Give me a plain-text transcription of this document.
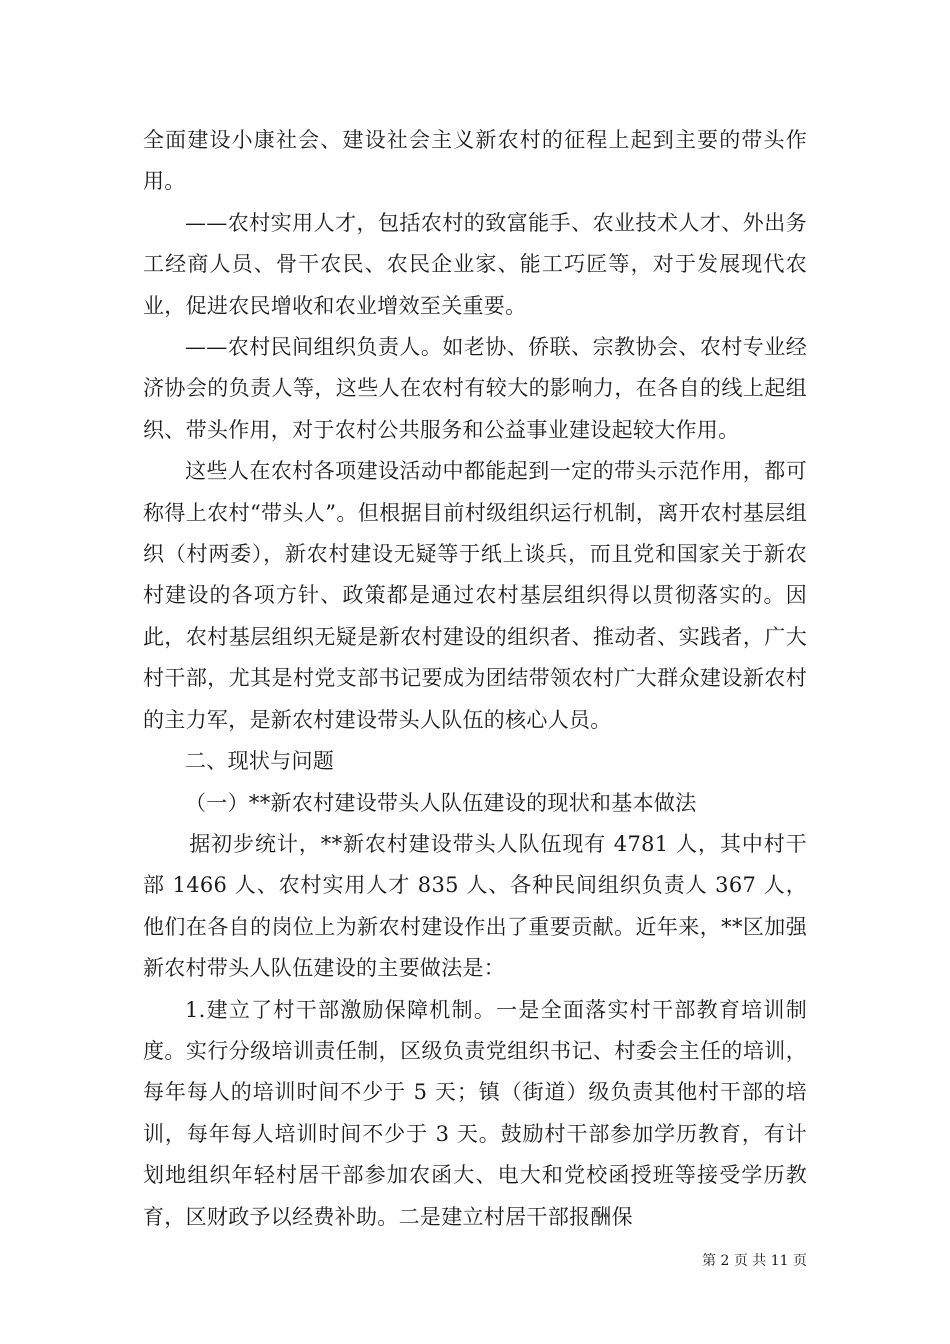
全面建设小康社会、建设社会主义新农村的征程上起到主要的带头作用。

——农村实用人才，包括农村的致富能手、农业技术人才、外出务工经商人员、骨干农民、农民企业家、能工巧匠等，对于发展现代农业，促进农民增收和农业增效至关重要。

——农村民间组织负责人。如老协、侨联、宗教协会、农村专业经济协会的负责人等，这些人在农村有较大的影响力，在各自的线上起组织、带头作用，对于农村公共服务和公益事业建设起较大作用。

这些人在农村各项建设活动中都能起到一定的带头示范作用，都可称得上农村“带头人”。但根据目前村级组织运行机制，离开农村基层组织（村两委），新农村建设无疑等于纸上谈兵，而且党和国家关于新农村建设的各项方针、政策都是通过农村基层组织得以贯彻落实的。因此，农村基层组织无疑是新农村建设的组织者、推动者、实践者，广大村干部，尤其是村党支部书记要成为团结带领农村广大群众建设新农村的主力军，是新农村建设带头人队伍的核心人员。

二、现状与问题

（一）**新农村建设带头人队伍建设的现状和基本做法

据初步统计，**新农村建设带头人队伍现有 4781 人，其中村干部 1466 人、农村实用人才 835 人、各种民间组织负责人 367 人，他们在各自的岗位上为新农村建设作出了重要贡献。近年来，**区加强新农村带头人队伍建设的主要做法是：

1.建立了村干部激励保障机制。一是全面落实村干部教育培训制度。实行分级培训责任制，区级负责党组织书记、村委会主任的培训，每年每人的培训时间不少于 5 天；镇（街道）级负责其他村干部的培训，每年每人培训时间不少于 3 天。鼓励村干部参加学历教育，有计划地组织年轻村居干部参加农函大、电大和党校函授班等接受学历教育，区财政予以经费补助。二是建立村居干部报酬保

第 2 页 共 11 页
